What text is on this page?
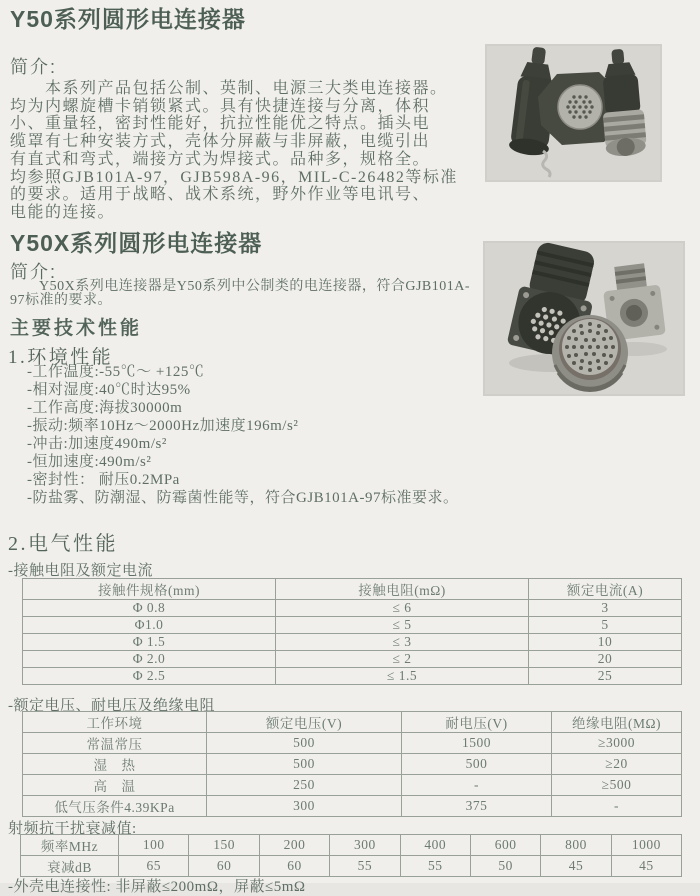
Y50系列圆形电连接器
简介:
　　本系列产品包括公制、英制、电源三大类电连接器。
均为内螺旋槽卡销锁紧式。具有快捷连接与分离，体积
小、重量轻，密封性能好，抗拉性能优之特点。插头电
缆罩有七种安装方式，壳体分屏蔽与非屏蔽，电缆引出
有直式和弯式，端接方式为焊接式。品种多，规格全。
均参照GJB101A-97，GJB598A-96，MIL-C-26482等标准
的要求。适用于战略、战术系统，野外作业等电讯号、
电能的连接。
Y50X系列圆形电连接器
简介:
　　Y50X系列电连接器是Y50系列中公制类的电连接器，符合GJB101A-
97标准的要求。
主要技术性能
1.环境性能
-工作温度:-55℃～ +125℃
-相对湿度:40℃时达95%
-工作高度:海拔30000m
-振动:频率10Hz～2000Hz加速度196m/s²
-冲击:加速度490m/s²
-恒加速度:490m/s²
-密封性： 耐压0.2MPa
-防盐雾、防潮湿、防霉菌性能等，符合GJB101A-97标准要求。
2.电气性能
-接触电阻及额定电流
接触件规格(mm)	接触电阻(mΩ)	额定电流(A)
Φ 0.8	≤ 6	3
Φ1.0	≤ 5	5
Φ 1.5	≤ 3	10
Φ 2.0	≤ 2	20
Φ 2.5	≤ 1.5	25
-额定电压、耐电压及绝缘电阻
工作环境	额定电压(V)	耐电压(V)	绝缘电阻(MΩ)
常温常压	500	1500	≥3000
湿　热	500	500	≥20
高　温	250	-	≥500
低气压条件4.39KPa	300	375	-
射频抗干扰衰减值:
频率MHz	100	150	200	300	400	600	800	1000
衰减dB	65	60	60	55	55	50	45	45
-外壳电连接性: 非屏蔽≤200mΩ，屏蔽≤5mΩ
